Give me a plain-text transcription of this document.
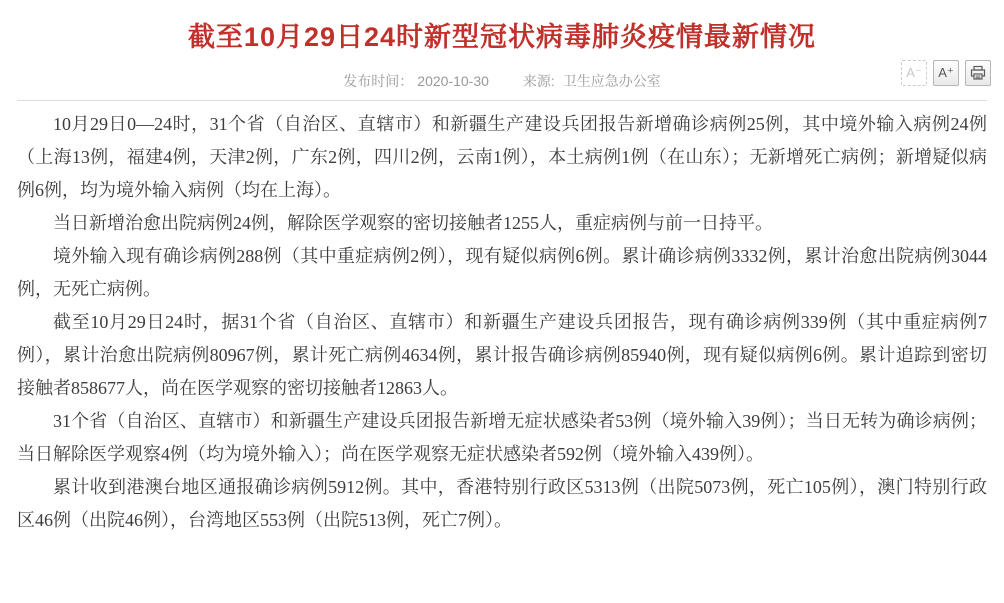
截至10月29日24时新型冠状病毒肺炎疫情最新情况
发布时间： 2020-10-30 来源: 卫生应急办公室
A⁻	A⁺

10月29日0—24时，31个省（自治区、直辖市）和新疆生产建设兵团报告新增确诊病例25例，其中境外输入病例24例（上海13例，福建4例，天津2例，广东2例，四川2例，云南1例），本土病例1例（在山东）；无新增死亡病例；新增疑似病例6例，均为境外输入病例（均在上海）。

当日新增治愈出院病例24例，解除医学观察的密切接触者1255人，重症病例与前一日持平。

境外输入现有确诊病例288例（其中重症病例2例），现有疑似病例6例。累计确诊病例3332例，累计治愈出院病例3044例，无死亡病例。

截至10月29日24时，据31个省（自治区、直辖市）和新疆生产建设兵团报告，现有确诊病例339例（其中重症病例7例），累计治愈出院病例80967例，累计死亡病例4634例，累计报告确诊病例85940例，现有疑似病例6例。累计追踪到密切接触者858677人，尚在医学观察的密切接触者12863人。

31个省（自治区、直辖市）和新疆生产建设兵团报告新增无症状感染者53例（境外输入39例）；当日无转为确诊病例；当日解除医学观察4例（均为境外输入）；尚在医学观察无症状感染者592例（境外输入439例）。

累计收到港澳台地区通报确诊病例5912例。其中，香港特别行政区5313例（出院5073例，死亡105例），澳门特别行政区46例（出院46例），台湾地区553例（出院513例，死亡7例）。
